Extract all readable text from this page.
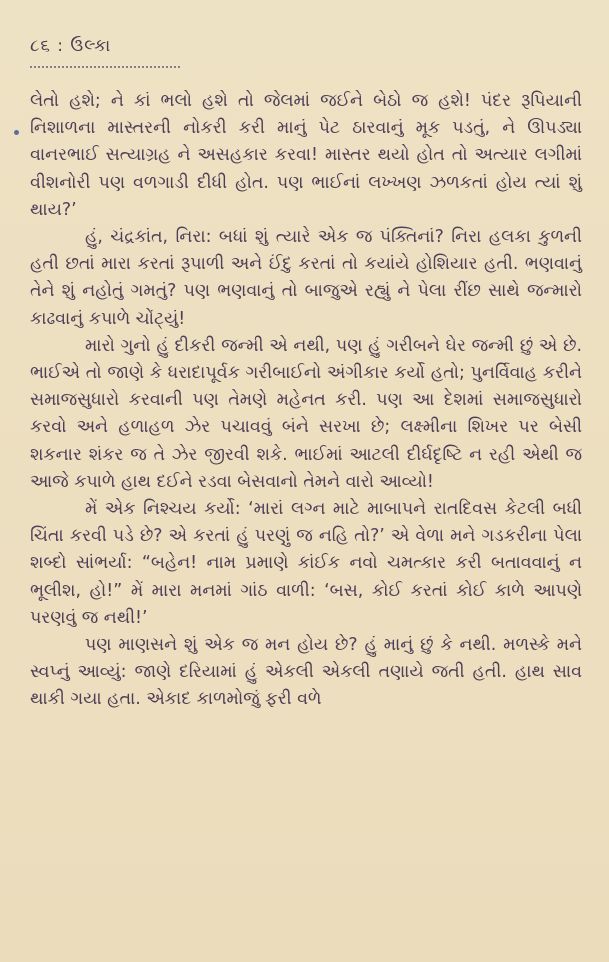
૮૬ : ઉલ્કા

લેતો હશે; ને કાં ભલો હશે તો જેલમાં જઈને બેઠો જ હશે! પંદર રૂપિયાની નિશાળના માસ્તરની નોકરી કરી માનું પેટ ઠારવાનું મૂક પડતું, ને ઊપડ્યા વાનરભાઈ સત્યાગ્રહ ને અસહકાર કરવા! માસ્તર થયો હોત તો અત્યાર લગીમાં વીશનોરી પણ વળગાડી દીધી હોત. પણ ભાઈનાં લખ્ખણ ઝળકતાં હોય ત્યાં શું થાય?’

હું, ચંદ્રકાંત, નિરા: બધાં શું ત્યારે એક જ પંક્તિનાં? નિરા હલકા કુળની હતી છતાં મારા કરતાં રૂપાળી અને ઈંદુ કરતાં તો કયાંયે હોશિયાર હતી. ભણવાનું તેને શું નહોતું ગમતું? પણ ભણવાનું તો બાજુએ રહ્યું ને પેલા રીંછ સાથે જન્મારો કાઢવાનું કપાળે ચોંટ્યું!

મારો ગુનો હું દીકરી જન્મી એ નથી, પણ હું ગરીબને ઘેર જન્મી છું એ છે. ભાઈએ તો જાણે કે ધરાદાપૂર્વક ગરીબાઈનો અંગીકાર કર્યો હતો; પુનર્વિવાહ કરીને સમાજસુધારો કરવાની પણ તેમણે મહેનત કરી. પણ આ દેશમાં સમાજસુધારો કરવો અને હળાહળ ઝેર પચાવવું બંને સરખા છે; લક્ષ્મીના શિખર પર બેસી શકનાર શંકર જ તે ઝેર જીરવી શકે. ભાઈમાં આટલી દીર્ઘદૃષ્ટિ ન રહી એથી જ આજે કપાળે હાથ દઈને રડવા બેસવાનો તેમને વારો આવ્યો!

મેં એક નિશ્ચય કર્યો: ‘મારાં લગ્ન માટે માબાપને રાતદિવસ કેટલી બધી ચિંતા કરવી પડે છે? એ કરતાં હું પરણું જ નહિ તો?’ એ વેળા મને ગડકરીના પેલા શબ્દો સાંભર્યા: “બહેન! નામ પ્રમાણે કાંઈક નવો ચમત્કાર કરી બતાવવાનું ન ભૂલીશ, હો!” મેં મારા મનમાં ગાંઠ વાળી: ‘બસ, કોઈ કરતાં કોઈ કાળે આપણે પરણવું જ નથી!’

પણ માણસને શું એક જ મન હોય છે? હું માનું છું કે નથી. મળસ્કે મને સ્વપ્નું આવ્યું: જાણે દરિયામાં હું એકલી એકલી તણાયે જતી હતી. હાથ સાવ થાકી ગયા હતા. એકાદ કાળમોજું ફરી વળે
